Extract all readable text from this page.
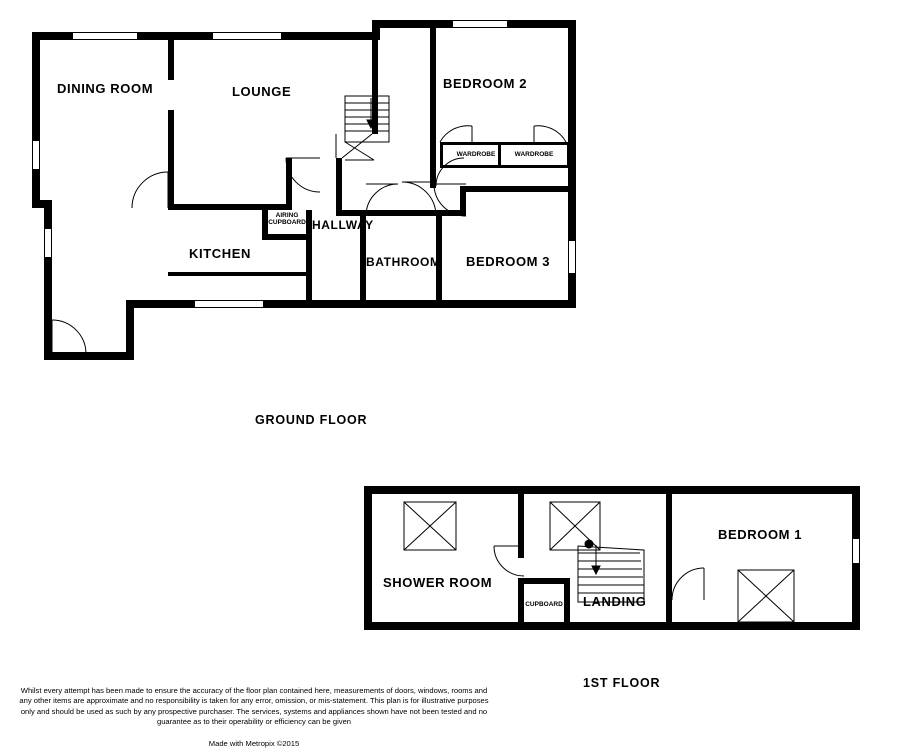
DINING ROOM	LOUNGE
BEDROOM 2
KITCHEN
HALLWAY
BATHROOM BEDROOM 3
AIRING
CUPBOARD
WARDROBE	WARDROBE
GROUND FLOOR
SHOWER ROOM
LANDING
BEDROOM 1
CUPBOARD
1ST FLOOR
Whilst every attempt has been made to ensure the accuracy of the floor plan contained here, measurements of doors, windows, rooms and any other items are approximate and no responsibility is taken for any error, omission, or mis-statement. This plan is for illustrative purposes only and should be used as such by any prospective purchaser. The services, systems and appliances shown have not been tested and no guarantee as to their operability or efficiency can be given
Made with Metropix ©2015
